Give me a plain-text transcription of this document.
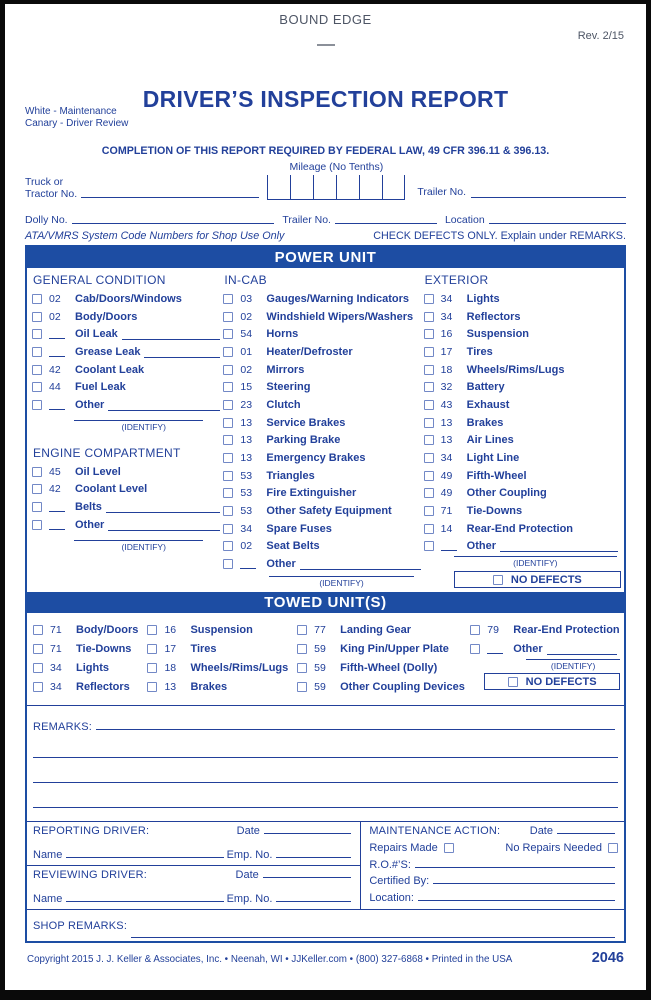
BOUND EDGE
Rev. 2/15
DRIVER’S INSPECTION REPORT
White - Maintenance
Canary - Driver Review
COMPLETION OF THIS REPORT REQUIRED BY FEDERAL LAW, 49 CFR 396.11 & 396.13.
Truck or
Tractor No.
Mileage (No Tenths)
Trailer No.
Dolly No.	Trailer No.	Location
ATA/VMRS System Code Numbers for Shop Use Only	CHECK DEFECTS ONLY. Explain under REMARKS.
POWER UNIT
GENERAL CONDITION
02	Cab/Doors/Windows
02	Body/Doors
Oil Leak
Grease Leak
42	Coolant Leak
44	Fuel Leak
Other
(IDENTIFY)
ENGINE COMPARTMENT
45	Oil Level
42	Coolant Level
Belts
Other
(IDENTIFY)
IN-CAB
03	Gauges/Warning Indicators
02	Windshield Wipers/Washers
54	Horns
01	Heater/Defroster
02	Mirrors
15	Steering
23	Clutch
13	Service Brakes
13	Parking Brake
13	Emergency Brakes
53	Triangles
53	Fire Extinguisher
53	Other Safety Equipment
34	Spare Fuses
02	Seat Belts
Other
(IDENTIFY)
EXTERIOR
34	Lights
34	Reflectors
16	Suspension
17	Tires
18	Wheels/Rims/Lugs
32	Battery
43	Exhaust
13	Brakes
13	Air Lines
34	Light Line
49	Fifth-Wheel
49	Other Coupling
71	Tie-Downs
14	Rear-End Protection
Other
(IDENTIFY)
NO DEFECTS
TOWED UNIT(S)
71	Body/Doors
71	Tie-Downs
34	Lights
34	Reflectors
16	Suspension
17	Tires
18	Wheels/Rims/Lugs
13	Brakes
77	Landing Gear
59	King Pin/Upper Plate
59	Fifth-Wheel (Dolly)
59	Other Coupling Devices
79	Rear-End Protection
Other
(IDENTIFY)
NO DEFECTS
REMARKS:
REPORTING DRIVER:	Date
Name	Emp. No.
REVIEWING DRIVER:	Date
Name	Emp. No.
MAINTENANCE ACTION:	Date
Repairs Made	No Repairs Needed
R.O.#’S:
Certified By:
Location:
SHOP REMARKS:
Copyright 2015 J. J. Keller & Associates, Inc. • Neenah, WI • JJKeller.com • (800) 327-6868 • Printed in the USA	2046
